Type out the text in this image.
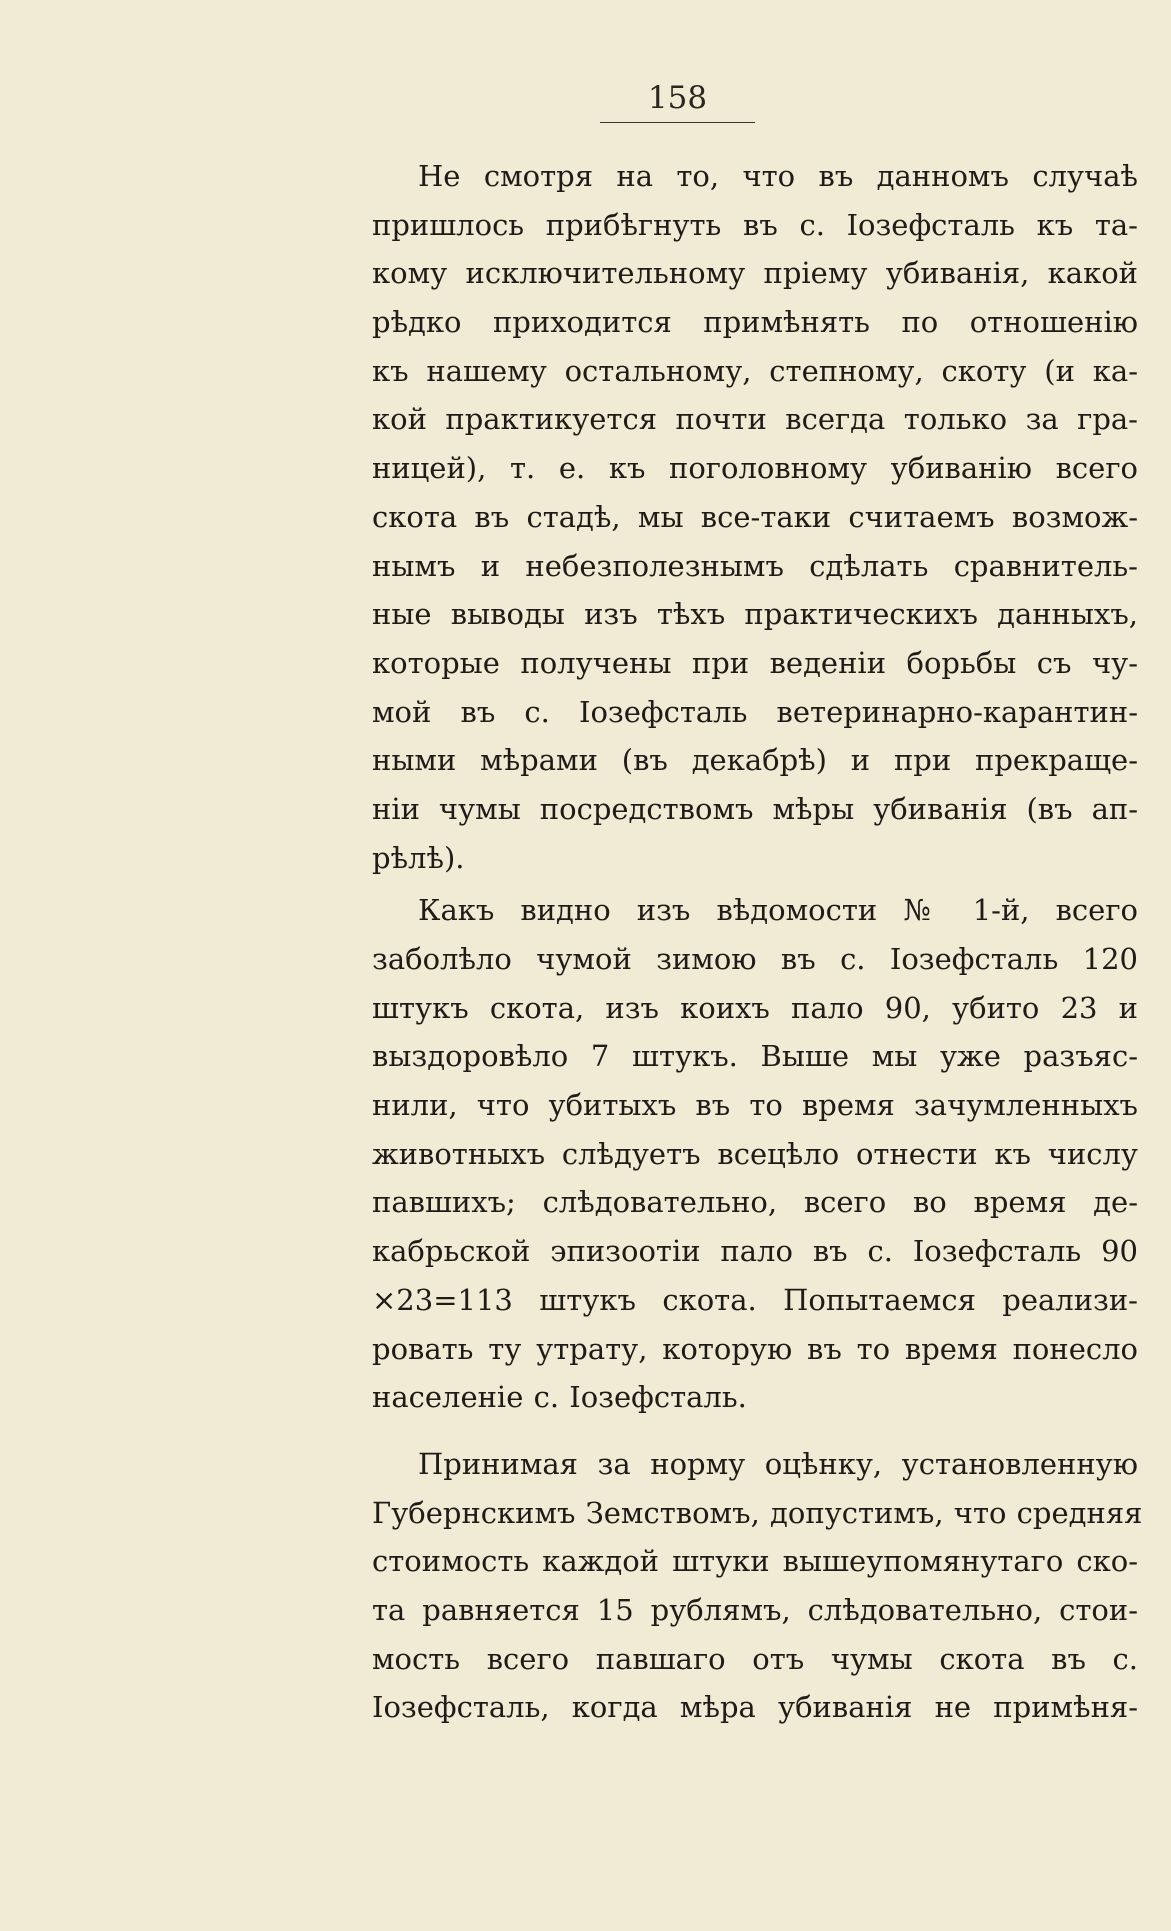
158
Не смотря на то, что въ данномъ случаѣ
пришлось прибѣгнуть въ с. Іозефсталь къ та-
кому исключительному пріему убиванія, какой
рѣдко приходится примѣнять по отношенію
къ нашему остальному, степному, скоту (и ка-
кой практикуется почти всегда только за гра-
ницей), т. е. къ поголовному убиванію всего
скота въ стадѣ, мы все-таки считаемъ возмож-
нымъ и небезполезнымъ сдѣлать сравнитель-
ные выводы изъ тѣхъ практическихъ данныхъ,
которые получены при веденіи борьбы съ чу-
мой въ с. Іозефсталь ветеринарно-карантин-
ными мѣрами (въ декабрѣ) и при прекраще-
ніи чумы посредствомъ мѣры убиванія (въ ап-
рѣлѣ).
Какъ видно изъ вѣдомости № 1-й, всего
заболѣло чумой зимою въ с. Іозефсталь 120
штукъ скота, изъ коихъ пало 90, убито 23 и
выздоровѣло 7 штукъ. Выше мы уже разъяс-
нили, что убитыхъ въ то время зачумленныхъ
животныхъ слѣдуетъ всецѣло отнести къ числу
павшихъ; слѣдовательно, всего во время де-
кабрьской эпизоотіи пало въ с. Іозефсталь 90
×23=113 штукъ скота. Попытаемся реализи-
ровать ту утрату, которую въ то время понесло
населеніе с. Іозефсталь.
Принимая за норму оцѣнку, установленную
Губернскимъ Земствомъ, допустимъ, что средняя
стоимость каждой штуки вышеупомянутаго ско-
та равняется 15 рублямъ, слѣдовательно, стои-
мость всего павшаго отъ чумы скота въ с.
Іозефсталь, когда мѣра убиванія не примѣня-
